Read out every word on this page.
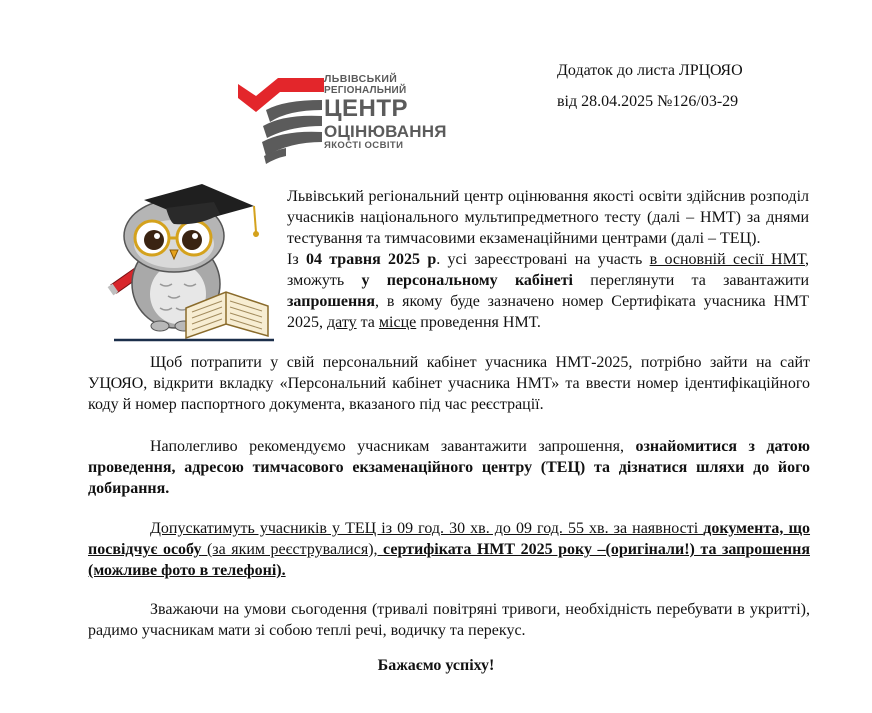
ЛЬВІВСЬКИЙ
РЕГІОНАЛЬНИЙ
ЦЕНТР
ОЦІНЮВАННЯ
ЯКОСТІ ОСВІТИ
Додаток до листа ЛРЦОЯО
від 28.04.2025 №126/03-29

Львівський регіональний центр оцінювання якості освіти здійснив розподіл учасників національного мультипредметного тесту (далі – НМТ) за днями тестування та тимчасовими екзаменаційними центрами (далі – ТЕЦ).

Із 04 травня 2025 р. усі зареєстровані на участь в основній сесії НМТ, зможуть у персональному кабінеті переглянути та завантажити запрошення, в якому буде зазначено номер Сертифіката учасника НМТ 2025, дату та місце проведення НМТ.

Щоб потрапити у свій персональний кабінет учасника НМТ-2025, потрібно зайти на сайт УЦОЯО, відкрити вкладку «Персональний кабінет учасника НМТ» та ввести номер ідентифікаційного коду й номер паспортного документа, вказаного під час реєстрації.

Наполегливо рекомендуємо учасникам завантажити запрошення, ознайомитися з датою проведення, адресою тимчасового екзаменаційного центру (ТЕЦ) та дізнатися шляхи до його добирання.

Допускатимуть учасників у ТЕЦ із 09 год. 30 хв. до 09 год. 55 хв. за наявності документа, що посвідчує особу (за яким реєструвалися), сертифіката НМТ 2025 року –(оригінали!) та запрошення (можливе фото в телефоні).

Зважаючи на умови сьогодення (тривалі повітряні тривоги, необхідність перебувати в укритті), радимо учасникам мати зі собою теплі речі, водичку та перекус.

Бажаємо успіху!
